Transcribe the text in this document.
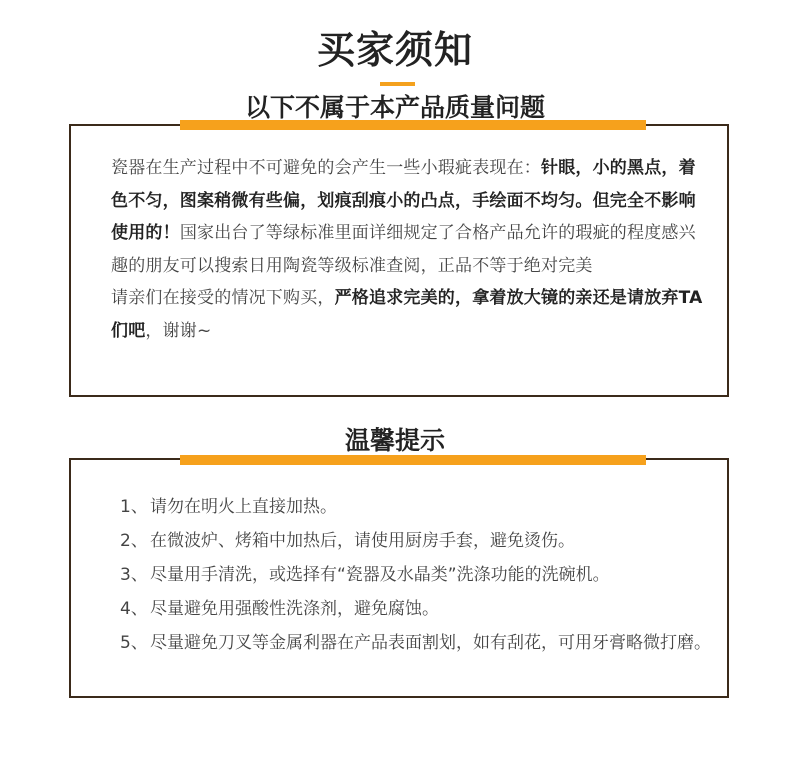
买家须知
以下不属于本产品质量问题
瓷器在生产过程中不可避免的会产生一些小瑕疵表现在：针眼，小的黑点，着色不匀，图案稍微有些偏，划痕刮痕小的凸点，手绘面不均匀。但完全不影响使用的！国家出台了等绿标准里面详细规定了合格产品允许的瑕疵的程度感兴趣的朋友可以搜索日用陶瓷等级标准查阅，正品不等于绝对完美
请亲们在接受的情况下购买，严格追求完美的，拿着放大镜的亲还是请放弃TA们吧，谢谢~
温馨提示
1、 请勿在明火上直接加热。
2、 在微波炉、烤箱中加热后，请使用厨房手套，避免烫伤。
3、 尽量用手清洗，或选择有“瓷器及水晶类”洗涤功能的洗碗机。
4、 尽量避免用强酸性洗涤剂，避免腐蚀。
5、 尽量避免刀叉等金属利器在产品表面割划，如有刮花，可用牙膏略微打磨。
